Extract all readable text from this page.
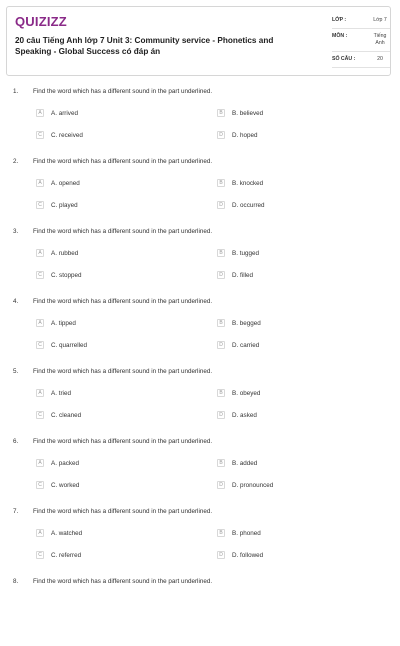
QUIZIZZ
20 câu Tiếng Anh lớp 7 Unit 3: Community service - Phonetics and Speaking - Global Success có đáp án
LỚP :	Lớp 7
MÔN :	Tiếng Anh
SỐ CÂU :	20
1. Find the word which has a different sound in the part underlined.
A	A. arrived	B	B. believed
C	C. received	D	D. hoped
2. Find the word which has a different sound in the part underlined.
A	A. opened	B	B. knocked
C	C. played	D	D. occurred
3. Find the word which has a different sound in the part underlined.
A	A. rubbed	B	B. tugged
C	C. stopped	D	D. filled
4. Find the word which has a different sound in the part underlined.
A	A. tipped	B	B. begged
C	C. quarrelled	D	D. carried
5. Find the word which has a different sound in the part underlined.
A	A. tried	B	B. obeyed
C	C. cleaned	D	D. asked
6. Find the word which has a different sound in the part underlined.
A	A. packed	B	B. added
C	C. worked	D	D. pronounced
7. Find the word which has a different sound in the part underlined.
A	A. watched	B	B. phoned
C	C. referred	D	D. followed
8. Find the word which has a different sound in the part underlined.
